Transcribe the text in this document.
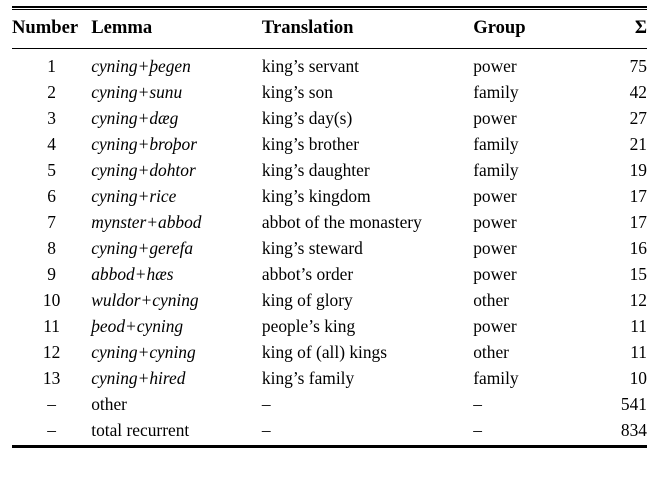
Number	Lemma	Translation	Group	Σ
1	cyning+þegen	king’s servant	power	75
2	cyning+sunu	king’s son	family	42
3	cyning+dæg	king’s day(s)	power	27
4	cyning+broþor	king’s brother	family	21
5	cyning+dohtor	king’s daughter	family	19
6	cyning+rice	king’s kingdom	power	17
7	mynster+abbod	abbot of the monastery	power	17
8	cyning+gerefa	king’s steward	power	16
9	abbod+hæs	abbot’s order	power	15
10	wuldor+cyning	king of glory	other	12
11	þeod+cyning	people’s king	power	11
12	cyning+cyning	king of (all) kings	other	11
13	cyning+hired	king’s family	family	10
–	other	–	–	541
–	total recurrent	–	–	834
